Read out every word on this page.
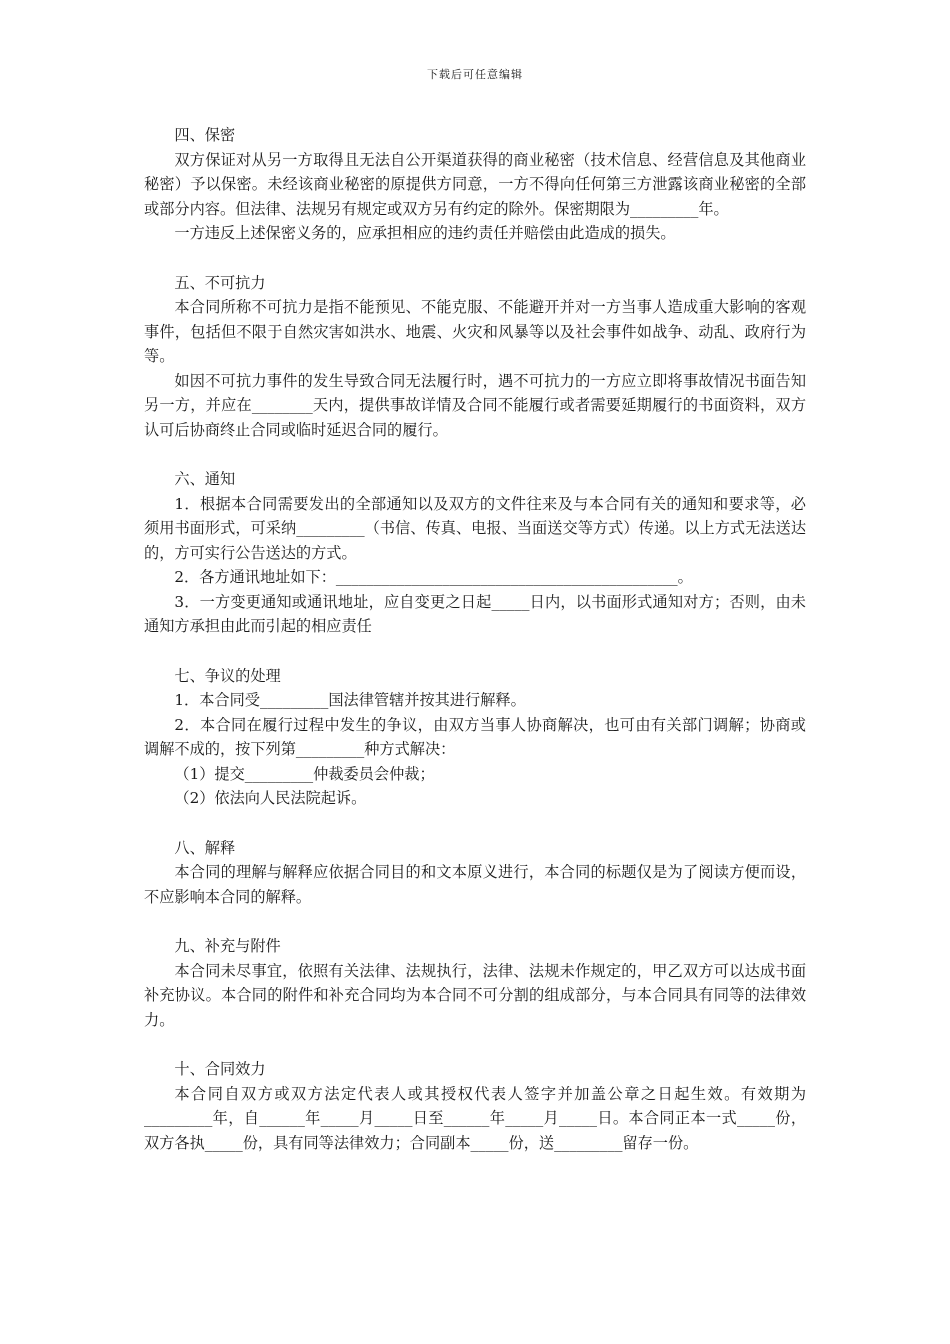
下载后可任意编辑

四、保密

双方保证对从另一方取得且无法自公开渠道获得的商业秘密（技术信息、经营信息及其他商业秘密）予以保密。未经该商业秘密的原提供方同意，一方不得向任何第三方泄露该商业秘密的全部或部分内容。但法律、法规另有规定或双方另有约定的除外。保密期限为_________年。

一方违反上述保密义务的，应承担相应的违约责任并赔偿由此造成的损失。

五、不可抗力

本合同所称不可抗力是指不能预见、不能克服、不能避开并对一方当事人造成重大影响的客观事件，包括但不限于自然灾害如洪水、地震、火灾和风暴等以及社会事件如战争、动乱、政府行为等。

如因不可抗力事件的发生导致合同无法履行时，遇不可抗力的一方应立即将事故情况书面告知另一方，并应在________天内，提供事故详情及合同不能履行或者需要延期履行的书面资料，双方认可后协商终止合同或临时延迟合同的履行。

六、通知

1．根据本合同需要发出的全部通知以及双方的文件往来及与本合同有关的通知和要求等，必须用书面形式，可采纳_________（书信、传真、电报、当面送交等方式）传递。以上方式无法送达的，方可实行公告送达的方式。

2．各方通讯地址如下：_____________________________________________。

3．一方变更通知或通讯地址，应自变更之日起_____日内，以书面形式通知对方；否则，由未通知方承担由此而引起的相应责任

七、争议的处理

1．本合同受_________国法律管辖并按其进行解释。

2．本合同在履行过程中发生的争议，由双方当事人协商解决，也可由有关部门调解；协商或调解不成的，按下列第_________种方式解决：

（1）提交_________仲裁委员会仲裁；

（2）依法向人民法院起诉。

八、解释

本合同的理解与解释应依据合同目的和文本原义进行，本合同的标题仅是为了阅读方便而设，不应影响本合同的解释。

九、补充与附件

本合同未尽事宜，依照有关法律、法规执行，法律、法规未作规定的，甲乙双方可以达成书面补充协议。本合同的附件和补充合同均为本合同不可分割的组成部分，与本合同具有同等的法律效力。

十、合同效力

本合同自双方或双方法定代表人或其授权代表人签字并加盖公章之日起生效。有效期为_________年，自______年_____月_____日至______年_____月_____日。本合同正本一式_____份，双方各执_____份，具有同等法律效力；合同副本_____份，送_________留存一份。
